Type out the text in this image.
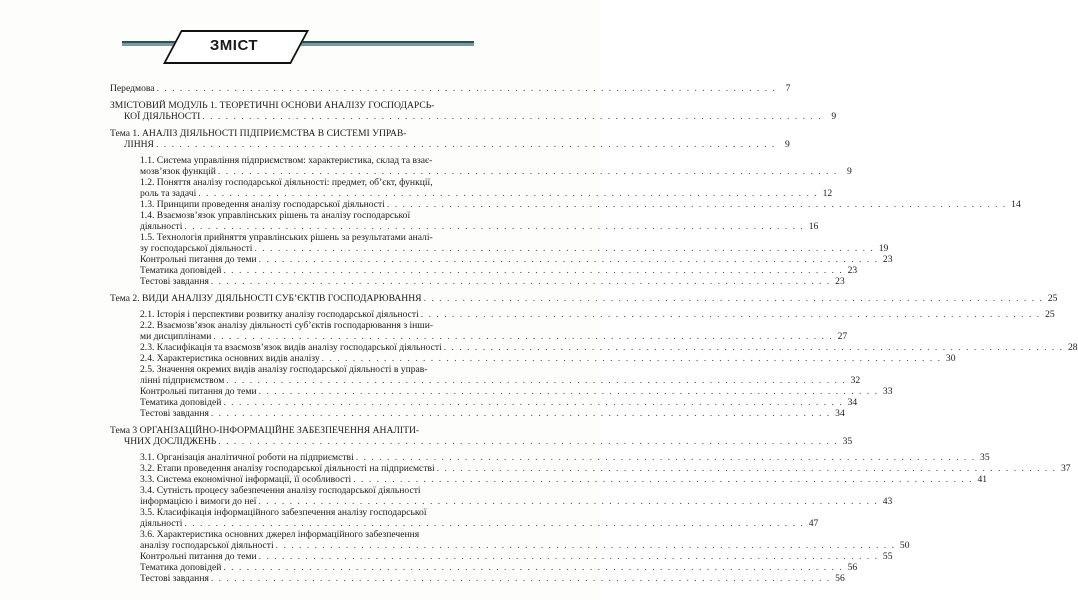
ЗМІСТ
Передмова . . .	7
ЗМІСТОВИЙ МОДУЛЬ 1. ТЕОРЕТИЧНІ ОСНОВИ АНАЛІЗУ ГОСПОДАРСЬ-
КОЇ ДІЯЛЬНОСТІ . . .	9
Тема 1. АНАЛІЗ ДІЯЛЬНОСТІ ПІДПРИЄМСТВА В СИСТЕМІ УПРАВ-
ЛІННЯ . . .	9
1.1. Система управління підприємством: характеристика, склад та взає-
мозв’язок функцій . . .	9
1.2. Поняття аналізу господарської діяльності: предмет, об’єкт, функції,
роль та задачі . . .	12
1.3. Принципи проведення аналізу господарської діяльності . . .	14
1.4. Взаємозв’язок управлінських рішень та аналізу господарської
діяльності . . .	16
1.5. Технологія прийняття управлінських рішень за результатами аналі-
зу господарської діяльності . . .	19
Контрольні питання до теми . . .	23
Тематика доповідей . . .	23
Тестові завдання . . .	23
Тема 2. ВИДИ АНАЛІЗУ ДІЯЛЬНОСТІ СУБ’ЄКТІВ ГОСПОДАРЮВАННЯ . . .	25
2.1. Історія і перспективи розвитку аналізу господарської діяльності . . .	25
2.2. Взаємозв’язок аналізу діяльності суб’єктів господарювання з інши-
ми дисциплінами . . .	27
2.3. Класифікація та взаємозв’язок видів аналізу господарської діяльності . . .	28
2.4. Характеристика основних видів аналізу . . .	30
2.5. Значення окремих видів аналізу господарської діяльності в управ-
лінні підприємством . . .	32
Контрольні питання до теми . . .	33
Тематика доповідей . . .	34
Тестові завдання . . .	34
Тема 3 ОРГАНІЗАЦІЙНО-ІНФОРМАЦІЙНЕ ЗАБЕЗПЕЧЕННЯ АНАЛІТИ-
ЧНИХ ДОСЛІДЖЕНЬ . . .	35
3.1. Організація аналітичної роботи на підприємстві . . .	35
3.2. Етапи проведення аналізу господарської діяльності на підприємстві . . .	37
3.3. Система економічної інформації, її особливості . . .	41
3.4. Сутність процесу забезпечення аналізу господарської діяльності
інформацією і вимоги до неї . . .	43
3.5. Класифікація інформаційного забезпечення аналізу господарської
діяльності . . .	47
3.6. Характеристика основних джерел інформаційного забезпечення
аналізу господарської діяльності . . .	50
Контрольні питання до теми . . .	55
Тематика доповідей . . .	56
Тестові завдання . . .	56
